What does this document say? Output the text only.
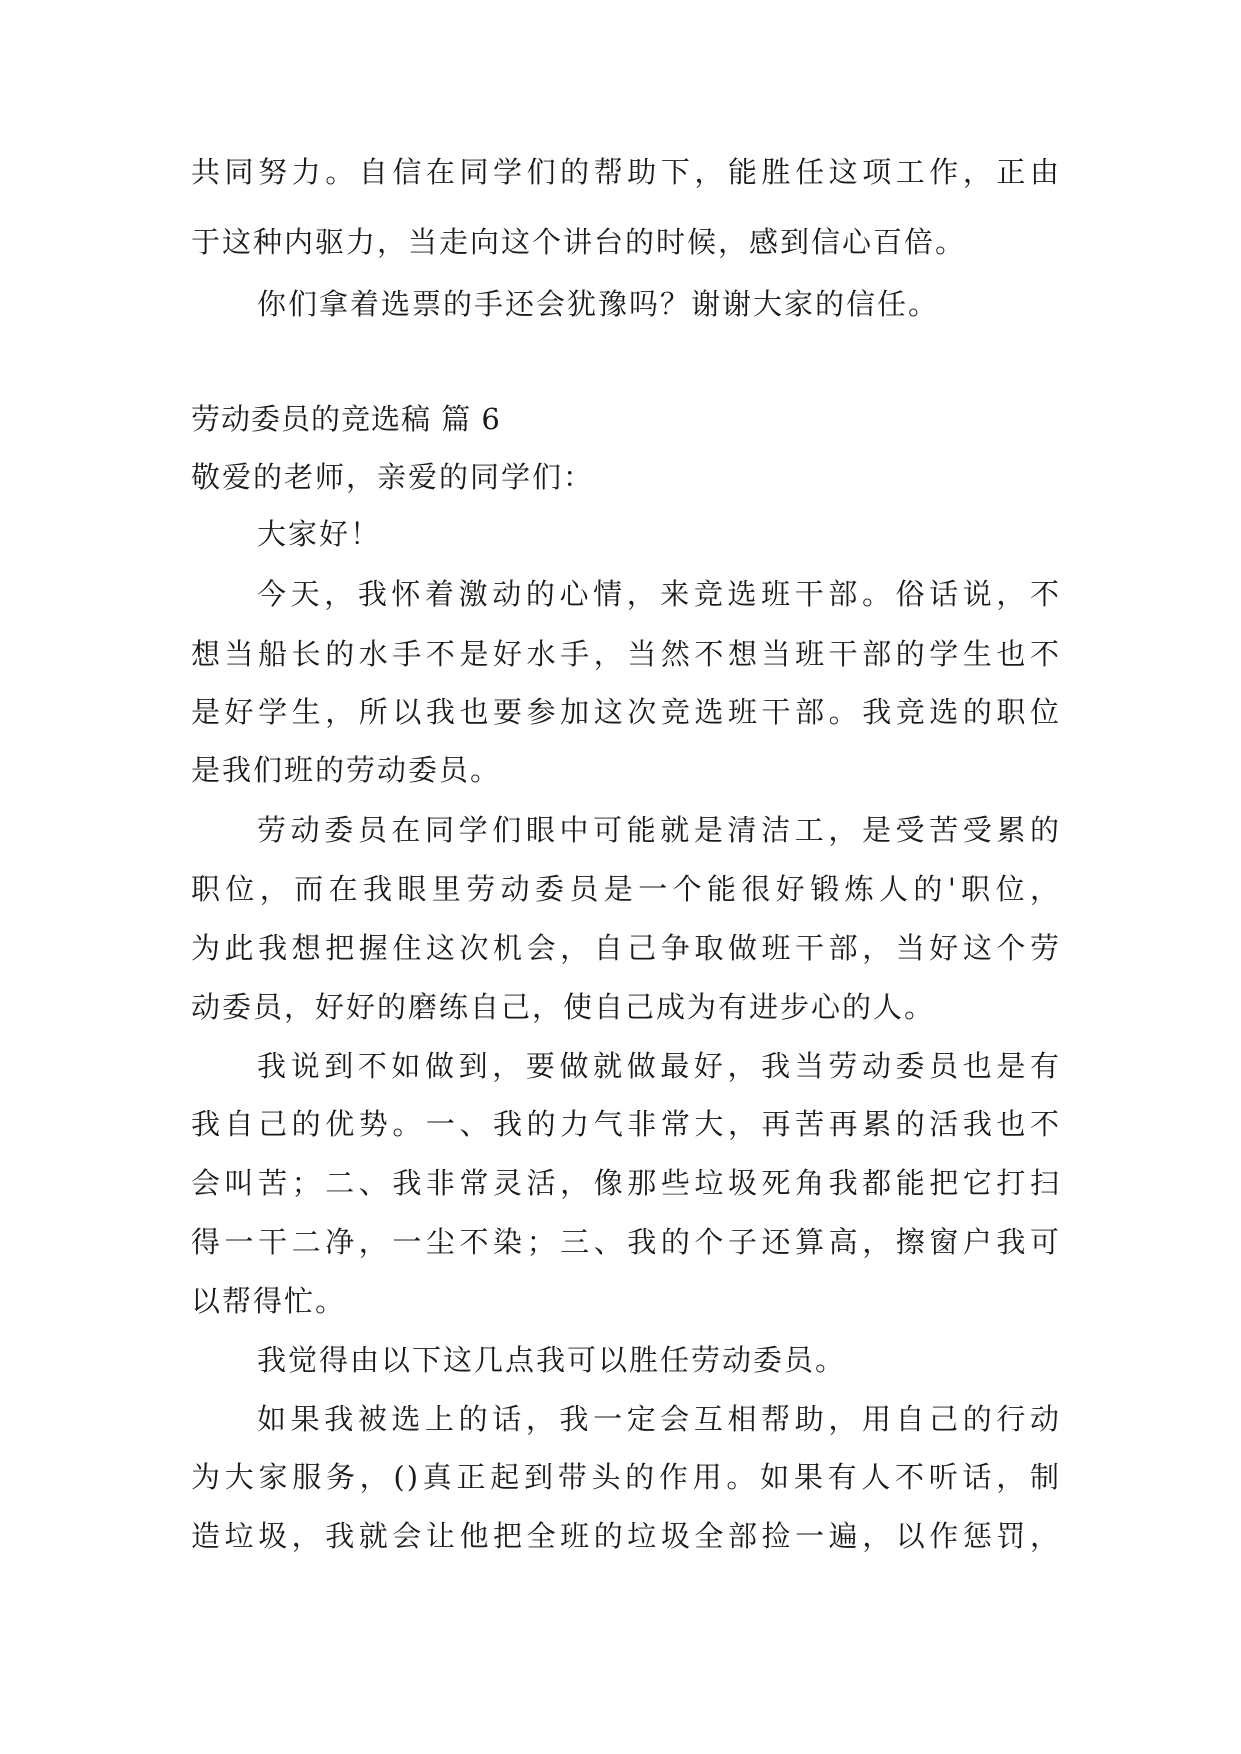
共同努力。自信在同学们的帮助下，能胜任这项工作，正由
于这种内驱力，当走向这个讲台的时候，感到信心百倍。
你们拿着选票的手还会犹豫吗？谢谢大家的信任。
劳动委员的竞选稿 篇 6
敬爱的老师，亲爱的同学们：
大家好！
今天，我怀着激动的心情，来竞选班干部。俗话说，不
想当船长的水手不是好水手，当然不想当班干部的学生也不
是好学生，所以我也要参加这次竞选班干部。我竞选的职位
是我们班的劳动委员。
劳动委员在同学们眼中可能就是清洁工，是受苦受累的
职位，而在我眼里劳动委员是一个能很好锻炼人的'职位，
为此我想把握住这次机会，自己争取做班干部，当好这个劳
动委员，好好的磨练自己，使自己成为有进步心的人。
我说到不如做到，要做就做最好，我当劳动委员也是有
我自己的优势。一、我的力气非常大，再苦再累的活我也不
会叫苦；二、我非常灵活，像那些垃圾死角我都能把它打扫
得一干二净，一尘不染；三、我的个子还算高，擦窗户我可
以帮得忙。
我觉得由以下这几点我可以胜任劳动委员。
如果我被选上的话，我一定会互相帮助，用自己的行动
为大家服务，()真正起到带头的作用。如果有人不听话，制
造垃圾，我就会让他把全班的垃圾全部捡一遍，以作惩罚，
